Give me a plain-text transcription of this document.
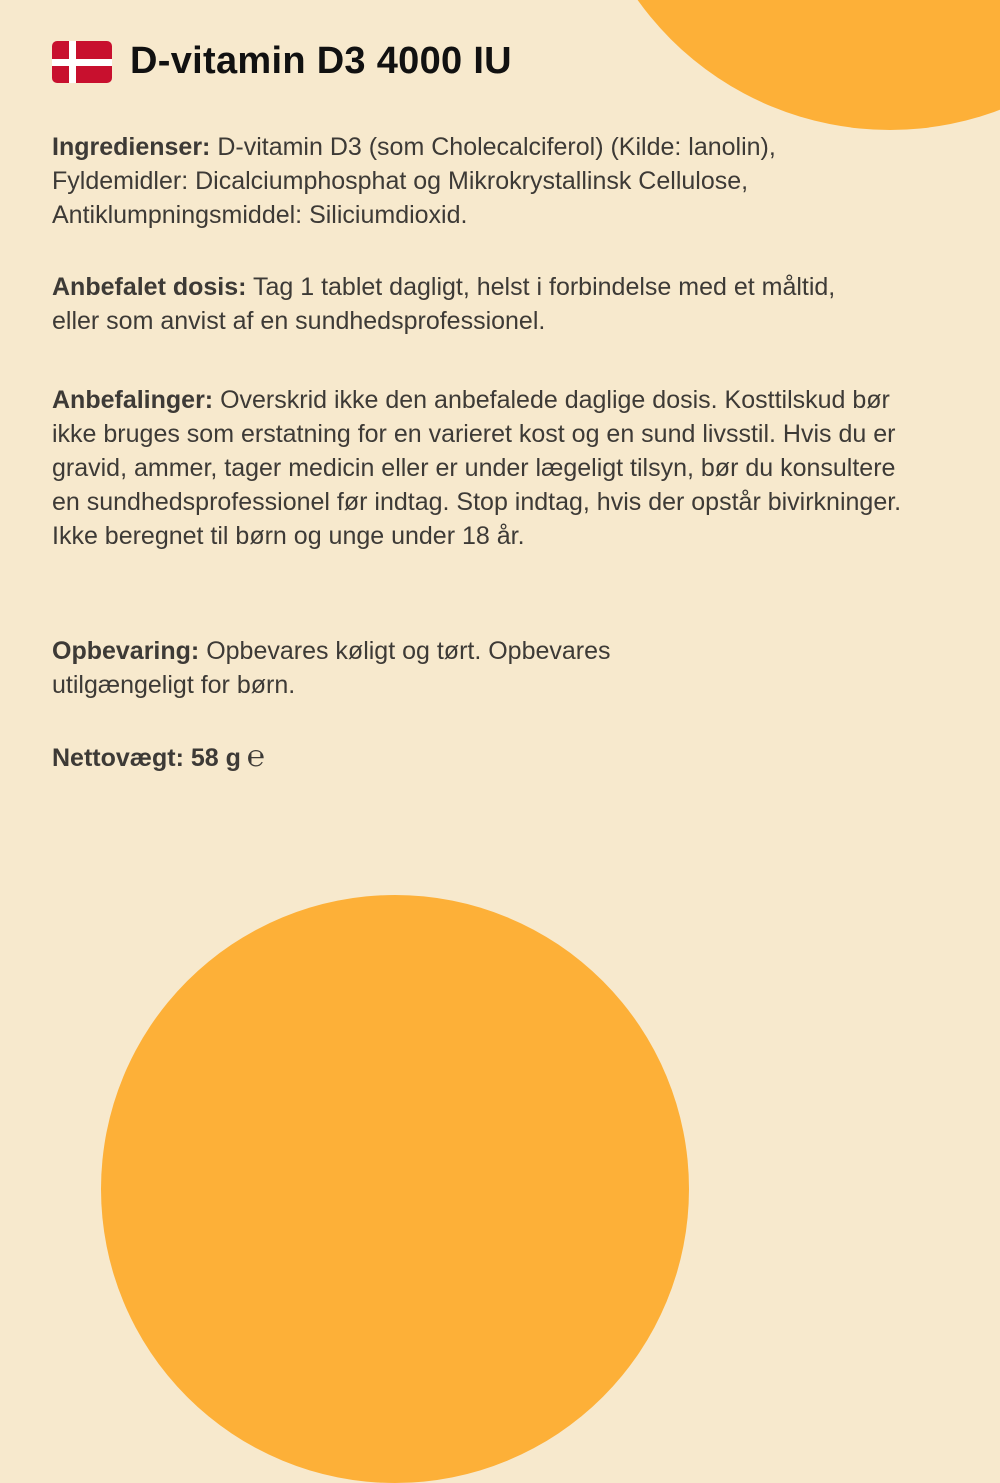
D-vitamin D3 4000 IU
Ingredienser: D-vitamin D3 (som Cholecalciferol) (Kilde: lanolin), Fyldemidler: Dicalciumphosphat og Mikrokrystallinsk Cellulose, Antiklumpningsmiddel: Siliciumdioxid.
Anbefalet dosis: Tag 1 tablet dagligt, helst i forbindelse med et måltid, eller som anvist af en sundhedsprofessionel.
Anbefalinger: Overskrid ikke den anbefalede daglige dosis. Kosttilskud bør ikke bruges som erstatning for en varieret kost og en sund livsstil. Hvis du er gravid, ammer, tager medicin eller er under lægeligt tilsyn, bør du konsultere en sundhedsprofessionel før indtag. Stop indtag, hvis der opstår bivirkninger. Ikke beregnet til børn og unge under 18 år.
Opbevaring: Opbevares køligt og tørt. Opbevares utilgængeligt for børn.
Nettovægt: 58 g ℮
